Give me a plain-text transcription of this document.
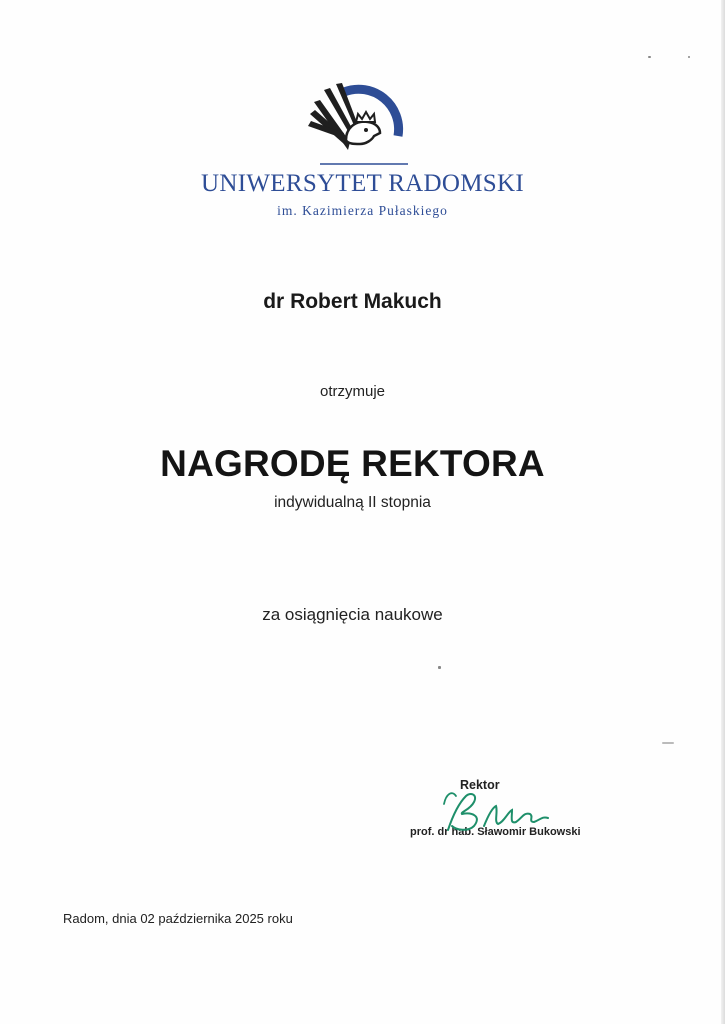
UNIWERSYTET RADOMSKI
im. Kazimierza Pułaskiego
dr Robert Makuch
otrzymuje
NAGRODĘ REKTORA
indywidualną II stopnia
za osiągnięcia naukowe
Rektor
prof. dr hab. Sławomir Bukowski
Radom, dnia 02 października 2025 roku
